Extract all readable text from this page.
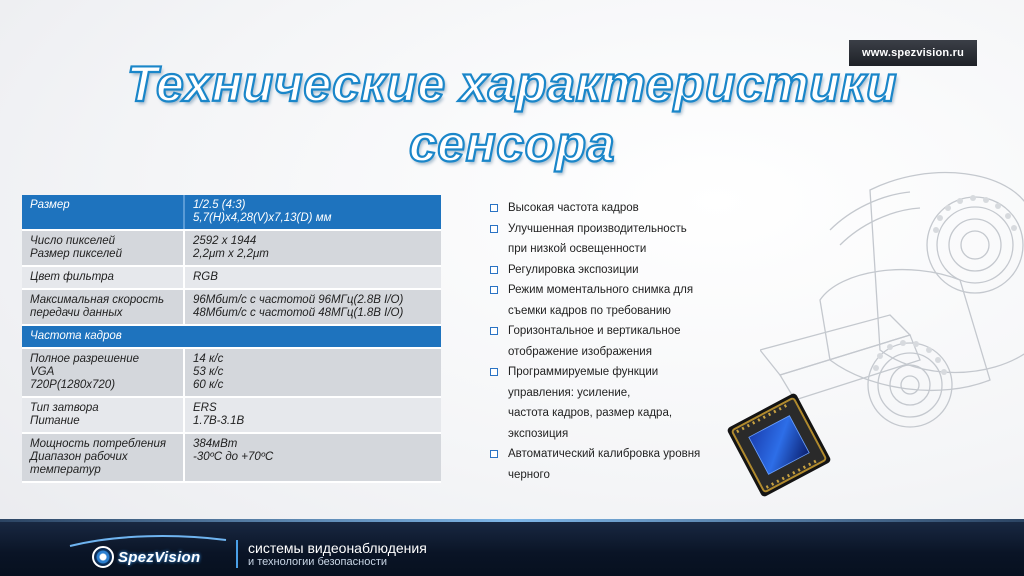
www.spezvision.ru
Технические характеристики
сенсора
Размер	1/2.5 (4:3)
5,7(H)x4,28(V)x7,13(D) мм

Число пикселей
Размер пикселей	2592 x 1944
2,2μm x 2,2μm

Цвет фильтра	RGB

Максимальная скорость
передачи данных	96Мбит/с с частотой 96МГц(2.8В I/O)
48Мбит/с с частотой 48МГц(1.8В I/O)

Частота кадров	

Полное разрешение
VGA
720P(1280x720)	14 к/с
53 к/с
60 к/с

Тип затвора
Питание	ERS
1.7В-3.1В

Мощность потребления
Диапазон рабочих
температур	384мВт
-30ºC до +70ºC
Высокая частота кадров
Улучшенная производительность
при низкой освещенности
Регулировка экспозиции
Режим моментального снимка для
съемки кадров по требованию
Горизонтальное и вертикальное
отображение изображения
Программируемые функции
управления: усиление,
частота кадров, размер кадра,
экспозиция
Автоматический калибровка уровня
черного
SpezVision
системы видеонаблюдения
и технологии безопасности
